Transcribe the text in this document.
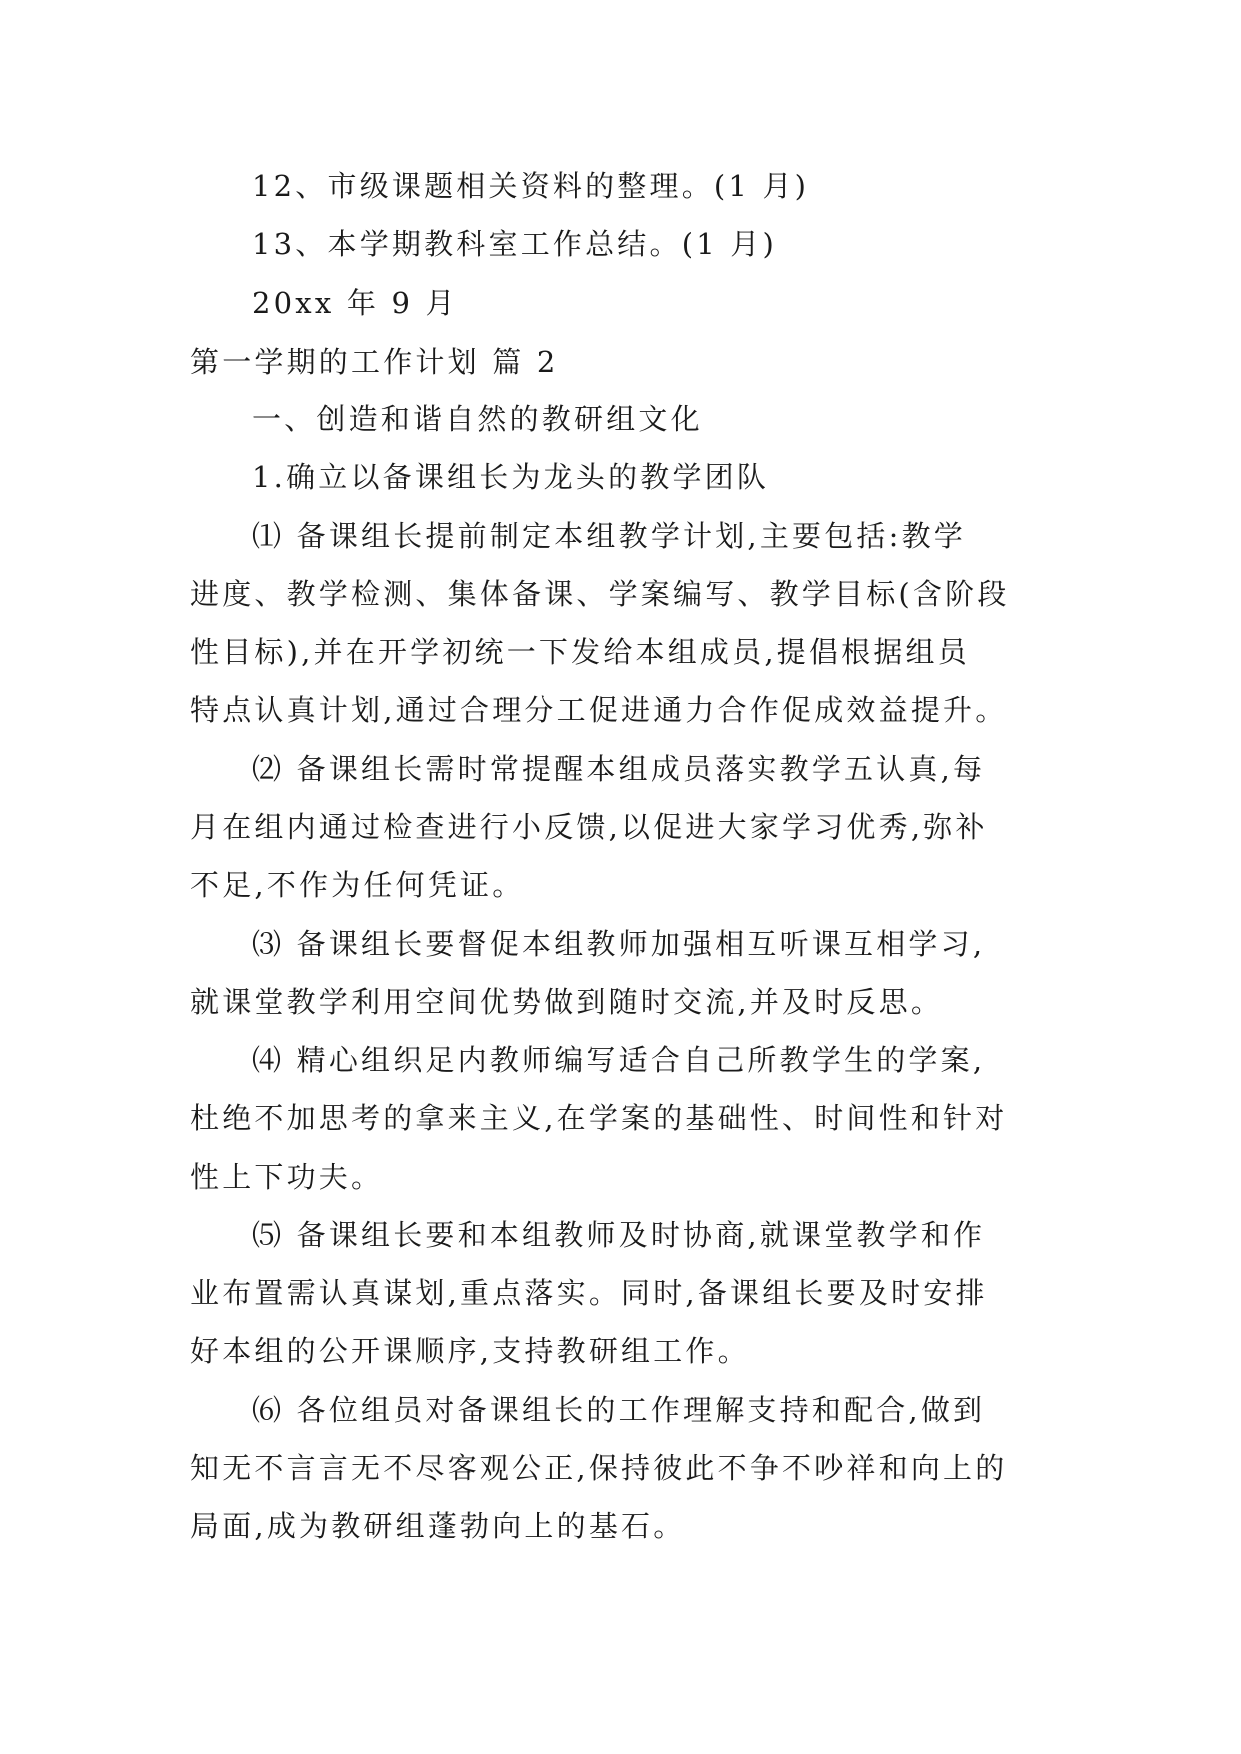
12、市级课题相关资料的整理。(1 月)
13、本学期教科室工作总结。(1 月)
20xx 年 9 月
第一学期的工作计划 篇 2
一、创造和谐自然的教研组文化
1.确立以备课组长为龙头的教学团队
⑴ 备课组长提前制定本组教学计划,主要包括:教学
进度、教学检测、集体备课、学案编写、教学目标(含阶段
性目标),并在开学初统一下发给本组成员,提倡根据组员
特点认真计划,通过合理分工促进通力合作促成效益提升。
⑵ 备课组长需时常提醒本组成员落实教学五认真,每
月在组内通过检查进行小反馈,以促进大家学习优秀,弥补
不足,不作为任何凭证。
⑶ 备课组长要督促本组教师加强相互听课互相学习,
就课堂教学利用空间优势做到随时交流,并及时反思。
⑷ 精心组织足内教师编写适合自己所教学生的学案,
杜绝不加思考的拿来主义,在学案的基础性、时间性和针对
性上下功夫。
⑸ 备课组长要和本组教师及时协商,就课堂教学和作
业布置需认真谋划,重点落实。同时,备课组长要及时安排
好本组的公开课顺序,支持教研组工作。
⑹ 各位组员对备课组长的工作理解支持和配合,做到
知无不言言无不尽客观公正,保持彼此不争不吵祥和向上的
局面,成为教研组蓬勃向上的基石。
